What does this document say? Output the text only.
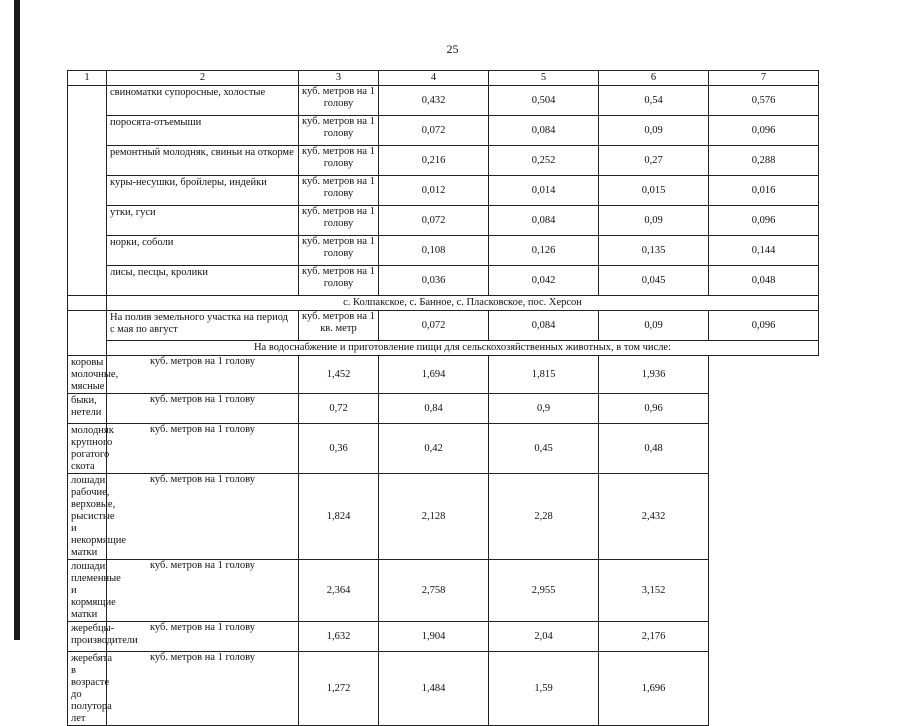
25
1	2	3	4	5	6	7
	свиноматки супоросные, холостые	куб. метров на 1 голову	0,432	0,504	0,54	0,576
	поросята-отъемыши	куб. метров на 1 голову	0,072	0,084	0,09	0,096
	ремонтный молодняк, свиньи на откорме	куб. метров на 1 голову	0,216	0,252	0,27	0,288
	куры-несушки, бройлеры, индейки	куб. метров на 1 голову	0,012	0,014	0,015	0,016
	утки, гуси	куб. метров на 1 голову	0,072	0,084	0,09	0,096
	норки, соболи	куб. метров на 1 голову	0,108	0,126	0,135	0,144
	лисы, песцы, кролики	куб. метров на 1 голову	0,036	0,042	0,045	0,048
	с. Колпакское, с. Банное, с. Пласковское, пос. Херсон					
	На полив земельного участка на период с мая по август	куб. метров на 1 кв. метр	0,072	0,084	0,09	0,096
	На водоснабжение и приготовление пищи для сельскохозяйственных животных, в том числе:					
коровы молочные, мясные	куб. метров на 1 голову	1,452	1,694	1,815	1,936	
быки, нетели	куб. метров на 1 голову	0,72	0,84	0,9	0,96	
молодняк крупного рогатого скота	куб. метров на 1 голову	0,36	0,42	0,45	0,48	
лошади рабочие, верховые, рысистые и некормящие матки	куб. метров на 1 голову	1,824	2,128	2,28	2,432	
лошади племенные и кормящие матки	куб. метров на 1 голову	2,364	2,758	2,955	3,152	
жеребцы-производители	куб. метров на 1 голову	1,632	1,904	2,04	2,176	
жеребята в возрасте до полутора лет	куб. метров на 1 голову	1,272	1,484	1,59	1,696	
